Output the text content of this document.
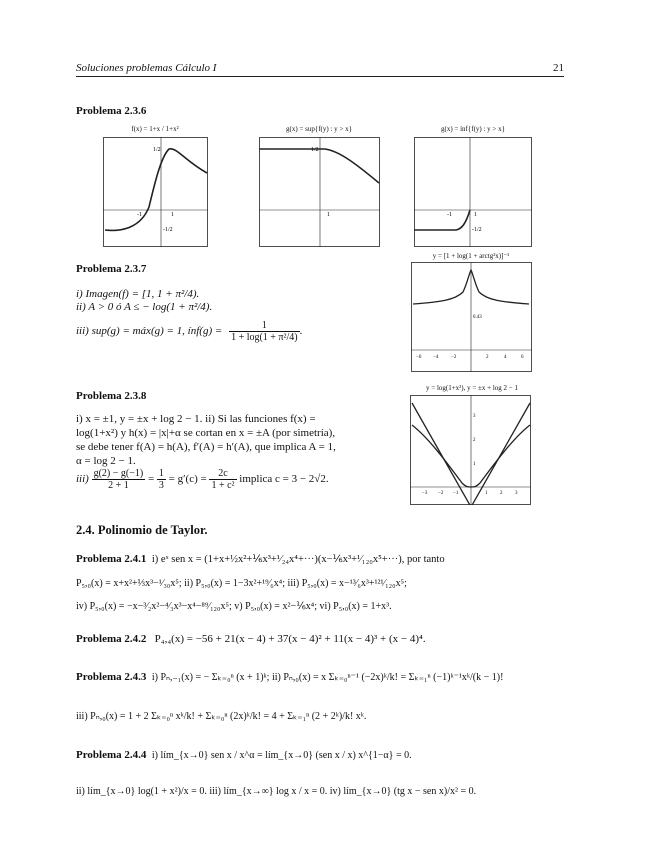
Soluciones problemas Cálculo I	21
Problema 2.3.6
f(x) = 1+x / 1+x²
1/2
-1	1
-1/2
g(x) = sup{f(y) : y > x}
1/2
1
g(x) = ínf{f(y) : y > x}
-1	1
-1/2
Problema 2.3.7
i) Imagen(f) = [1, 1 + π²/4).
ii) A > 0 ó A ≤ − log(1 + π²/4).
iii) sup(g) = máx(g) = 1, ínf(g) = $\frac{1}{\text{1 + log(1 + π²/4)}}$ .
y = [1 + log(1 + arctg²x)]⁻¹
0.43
−6 −4	−2	2	4	6
Problema 2.3.8
i) x = ±1, y = ±x + log 2 − 1. ii) Si las funciones f(x) =
log(1+x²) y h(x) = |x|+α se cortan en x = ±A (por simetría),
se debe tener f(A) = h(A), f′(A) = h′(A), que implica A = 1,
α = log 2 − 1.
$iii) \frac{g(2) - g(-1)}{2 + 1} = \frac{1}{3} = g'(c) = \frac{2c}{\text{1 + c²}}$ implica c = 3 − 2√2.
y = log(1+x²), y = ±x + log 2 − 1
−3 −2 −1	1	2	3
3
2
1
2.4. Polinomio de Taylor.
Problema 2.4.1 i) eˣ sen x = (1+x+½x²+⅙x³+¹⁄₂₄x⁴+···)(x−⅙x³+¹⁄₁₂₀x⁵+···), por tanto
P₅,₀(x) = x+x²+⅓x³−¹⁄₃₀x⁵; ii) P₅,₀(x) = 1−3x²+¹⁹⁄₆x⁴; iii) P₅,₀(x) = x−¹³⁄₆x³+¹²¹⁄₁₂₀x⁵;
iv) P₅,₀(x) = −x−³⁄₂x²−⁴⁄₃x³−x⁴−⁸⁹⁄₁₂₀x⁵; v) P₅,₀(x) = x²−⅙x⁴; vi) P₅,₀(x) = 1+x³.
Problema 2.4.2 P₄,₄(x) = −56 + 21(x − 4) + 37(x − 4)² + 11(x − 4)³ + (x − 4)⁴.
Problema 2.4.3 i) Pₙ,₋₁(x) = − Σₖ₌₀ⁿ (x + 1)ᵏ; ii) Pₙ,₀(x) = x Σₖ₌₀ⁿ⁻¹ (−2x)ᵏ/k! = Σₖ₌₁ⁿ (−1)ᵏ⁻¹xᵏ/(k − 1)!
iii) Pₙ,₀(x) = 1 + 2 Σₖ₌₀ⁿ xᵏ/k! + Σₖ₌₀ⁿ (2x)ᵏ/k! = 4 + Σₖ₌₁ⁿ (2 + 2ᵏ)/k! xᵏ.
Problema 2.4.4 i) lím_{x→0} sen x / x^α = lím_{x→0} (sen x / x) x^{1−α} = 0.
ii) lím_{x→0} log(1 + x²)/x = 0. iii) lím_{x→∞} log x / x = 0. iv) lím_{x→0} (tg x − sen x)/x² = 0.
